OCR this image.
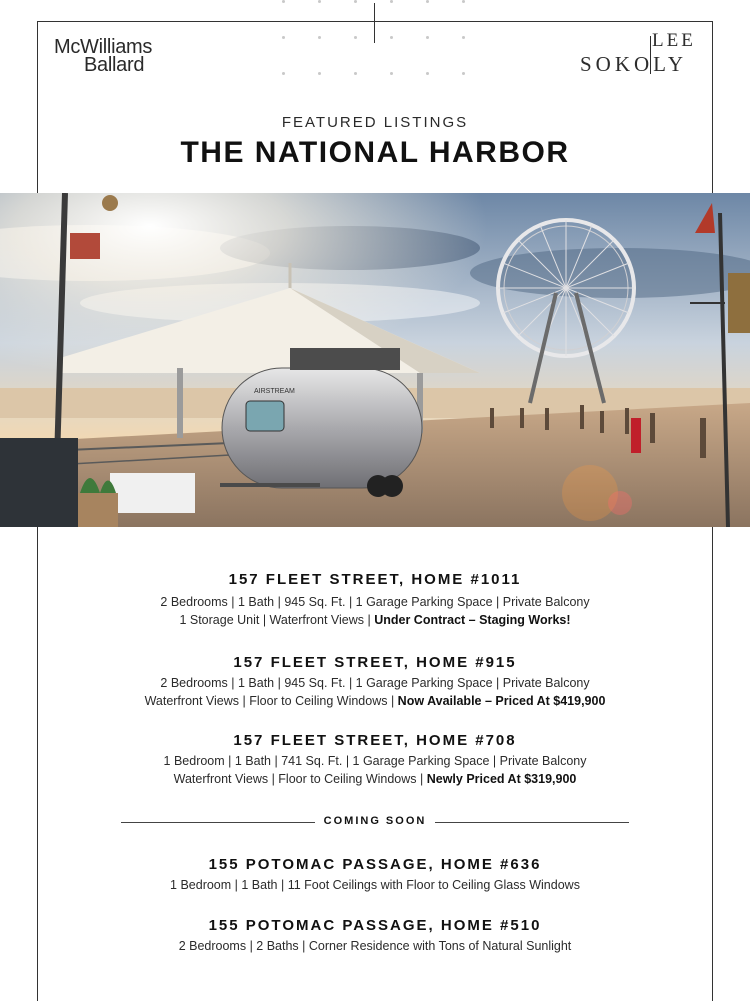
McWilliams
Ballard
LEE
SOKOLY
FEATURED LISTINGS
THE NATIONAL HARBOR
AIRSTREAM
157 FLEET STREET, HOME #1011
2 Bedrooms | 1 Bath | 945 Sq. Ft. | 1 Garage Parking Space | Private Balcony
1 Storage Unit | Waterfront Views | Under Contract – Staging Works!
157 FLEET STREET, HOME #915
2 Bedrooms | 1 Bath | 945 Sq. Ft. | 1 Garage Parking Space | Private Balcony
Waterfront Views | Floor to Ceiling Windows | Now Available – Priced At $419,900
157 FLEET STREET, HOME #708
1 Bedroom | 1 Bath | 741 Sq. Ft. | 1 Garage Parking Space | Private Balcony
Waterfront Views | Floor to Ceiling Windows | Newly Priced At $319,900
COMING SOON
155 POTOMAC PASSAGE, HOME #636
1 Bedroom | 1 Bath | 11 Foot Ceilings with Floor to Ceiling Glass Windows
155 POTOMAC PASSAGE, HOME #510
2 Bedrooms | 2 Baths | Corner Residence with Tons of Natural Sunlight
